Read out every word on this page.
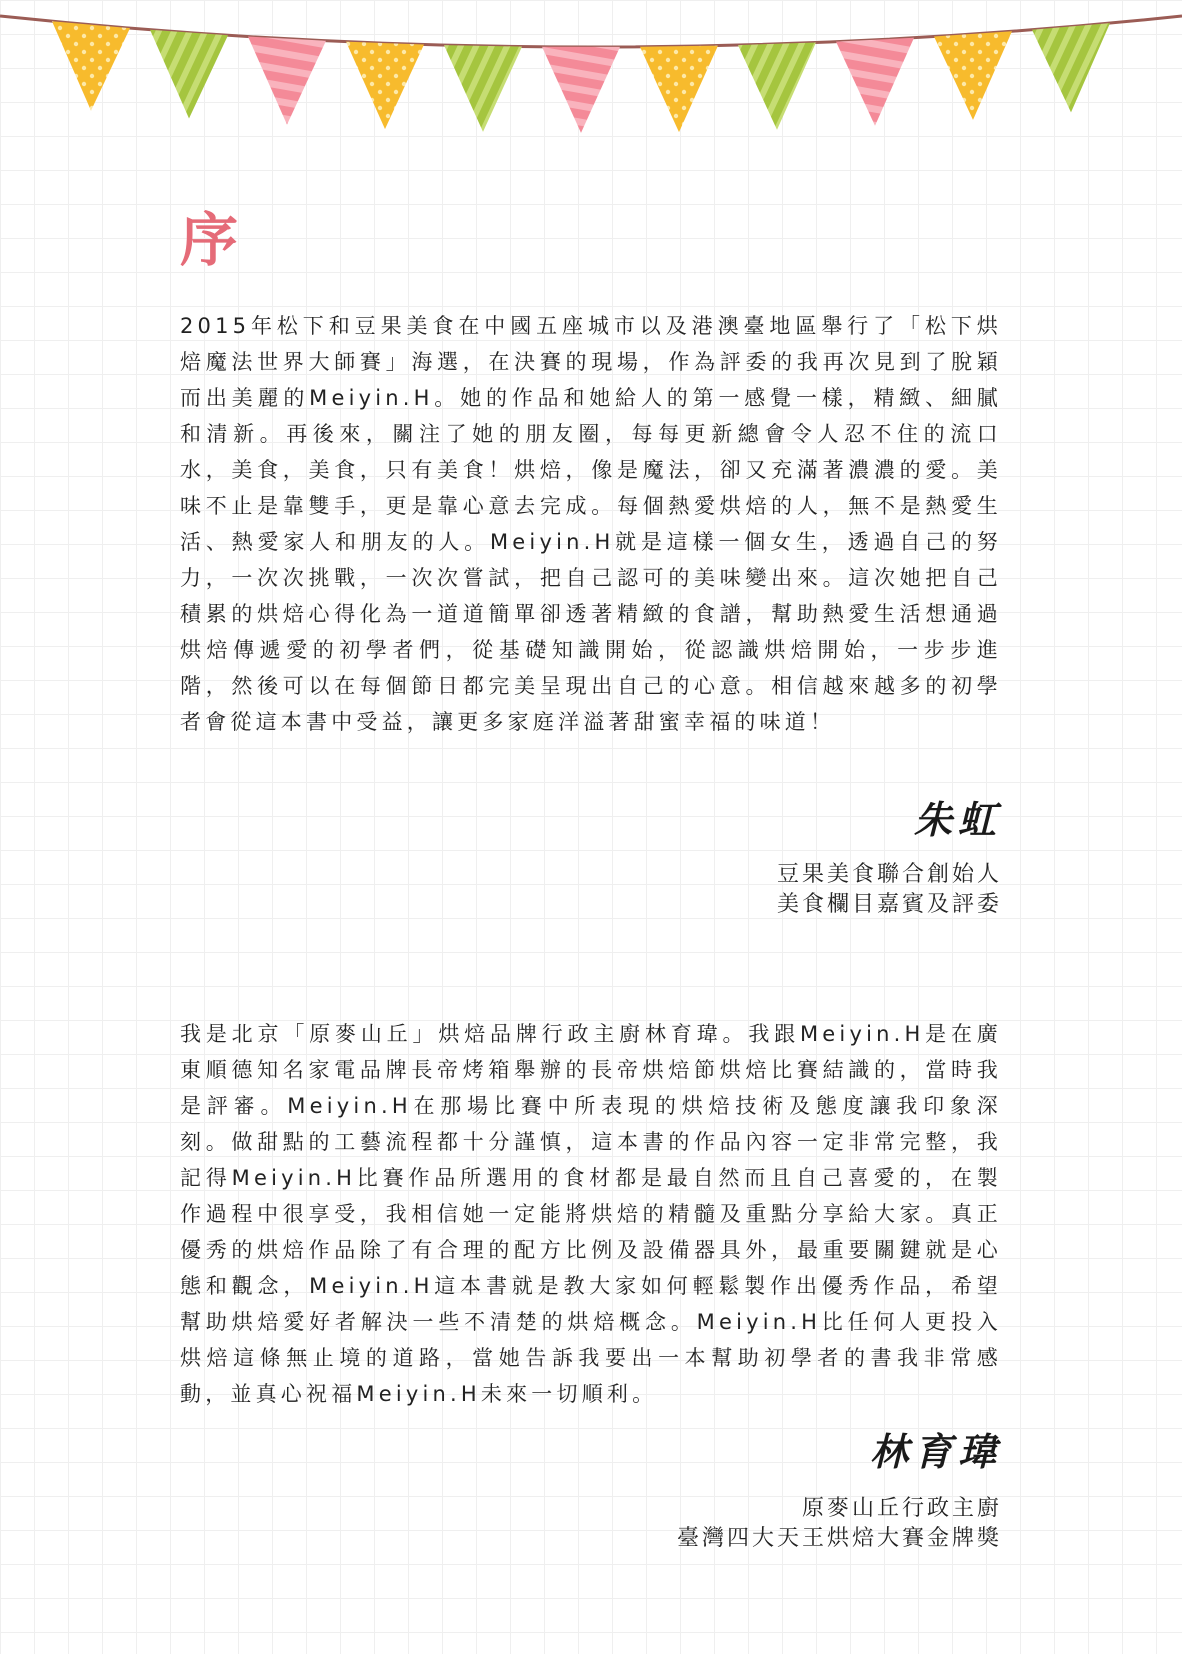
序

2015年松下和豆果美食在中國五座城市以及港澳臺地區舉行了「松下烘焙魔法世界大師賽」海選，在決賽的現場，作為評委的我再次見到了脫穎而出美麗的Meiyin.H。她的作品和她給人的第一感覺一樣，精緻、細膩和清新。再後來，關注了她的朋友圈，每每更新總會令人忍不住的流口水，美食，美食，只有美食！烘焙，像是魔法，卻又充滿著濃濃的愛。美味不止是靠雙手，更是靠心意去完成。每個熱愛烘焙的人，無不是熱愛生活、熱愛家人和朋友的人。Meiyin.H就是這樣一個女生，透過自己的努力，一次次挑戰，一次次嘗試，把自己認可的美味變出來。這次她把自己積累的烘焙心得化為一道道簡單卻透著精緻的食譜，幫助熱愛生活想通過烘焙傳遞愛的初學者們，從基礎知識開始，從認識烘焙開始，一步步進階，然後可以在每個節日都完美呈現出自己的心意。相信越來越多的初學者會從這本書中受益，讓更多家庭洋溢著甜蜜幸福的味道！

朱虹
豆果美食聯合創始人
美食欄目嘉賓及評委

我是北京「原麥山丘」烘焙品牌行政主廚林育瑋。我跟Meiyin.H是在廣東順德知名家電品牌長帝烤箱舉辦的長帝烘焙節烘焙比賽結識的，當時我是評審。Meiyin.H在那場比賽中所表現的烘焙技術及態度讓我印象深刻。做甜點的工藝流程都十分謹慎，這本書的作品內容一定非常完整，我記得Meiyin.H比賽作品所選用的食材都是最自然而且自己喜愛的，在製作過程中很享受，我相信她一定能將烘焙的精髓及重點分享給大家。真正優秀的烘焙作品除了有合理的配方比例及設備器具外，最重要關鍵就是心態和觀念，Meiyin.H這本書就是教大家如何輕鬆製作出優秀作品，希望幫助烘焙愛好者解決一些不清楚的烘焙概念。Meiyin.H比任何人更投入烘焙這條無止境的道路，當她告訴我要出一本幫助初學者的書我非常感動，並真心祝福Meiyin.H未來一切順利。

林育瑋
原麥山丘行政主廚
臺灣四大天王烘焙大賽金牌獎
